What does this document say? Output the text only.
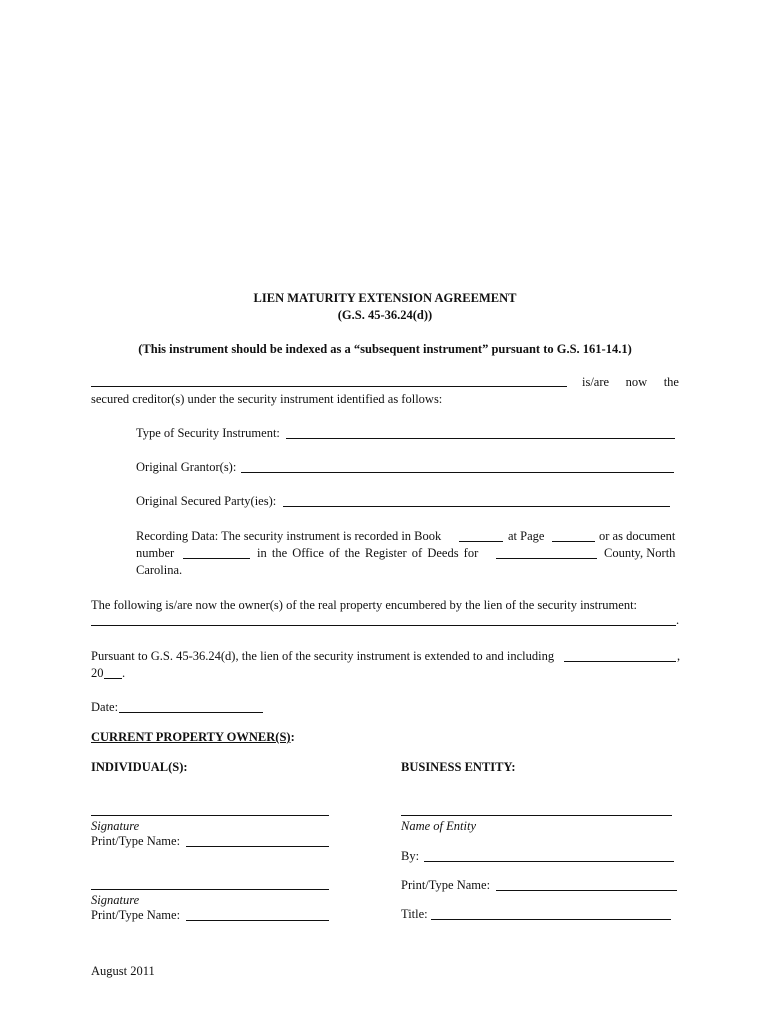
LIEN MATURITY EXTENSION AGREEMENT
(G.S. 45-36.24(d))
(This instrument should be indexed as a “subsequent instrument” pursuant to G.S. 161-14.1)
is/are now the
secured creditor(s) under the security instrument identified as follows:
Type of Security Instrument:
Original Grantor(s):
Original Secured Party(ies):
Recording Data: The security instrument is recorded in Book	at Page	or as document
number	in the Office of the Register of Deeds for	County, North
Carolina.
The following is/are now the owner(s) of the real property encumbered by the lien of the security instrument:
.
Pursuant to G.S. 45-36.24(d), the lien of the security instrument is extended to and including	,
20 .
Date:
CURRENT PROPERTY OWNER(S):
INDIVIDUAL(S):	BUSINESS ENTITY:
Signature
Print/Type Name:
Signature
Print/Type Name:
Name of Entity
By:
Print/Type Name:
Title:
August 2011
